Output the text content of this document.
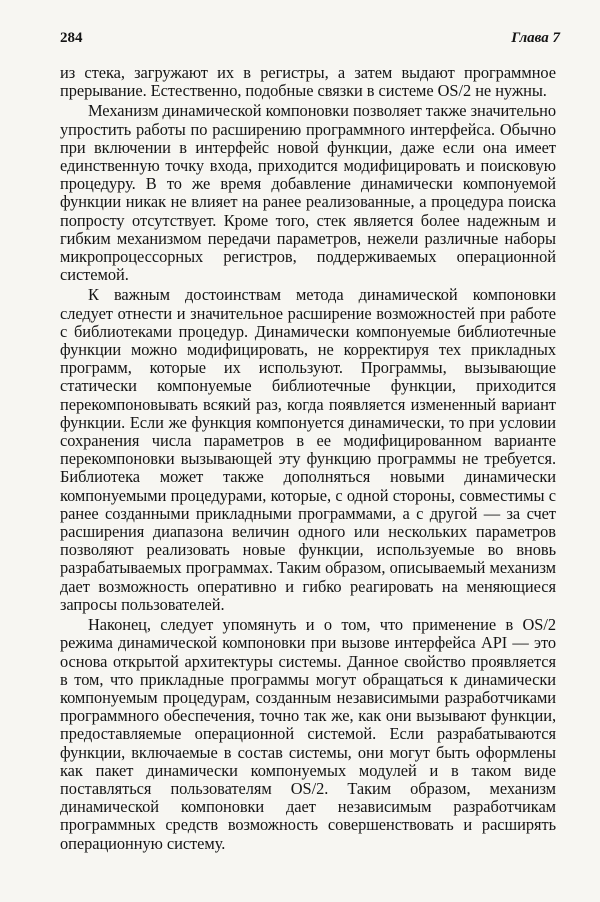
284	Глава 7

из стека, загружают их в регистры, а затем выдают программное прерывание. Естественно, подобные связки в системе OS/2 не нужны.

Механизм динамической компоновки позволяет также значительно упростить работы по расширению программного интерфейса. Обычно при включении в интерфейс новой функции, даже если она имеет единственную точку входа, приходится модифицировать и поисковую процедуру. В то же время добавление динамически компонуемой функции никак не влияет на ранее реализованные, а процедура поиска попросту отсутствует. Кроме того, стек является более надежным и гибким механизмом передачи параметров, нежели различные наборы микропроцессорных регистров, поддерживаемых операционной системой.

К важным достоинствам метода динамической компоновки следует отнести и значительное расширение возможностей при работе с библиотеками процедур. Динамически компонуемые библиотечные функции можно модифицировать, не корректируя тех прикладных программ, которые их используют. Программы, вызывающие статически компонуемые библиотечные функции, приходится перекомпоновывать всякий раз, когда появляется измененный вариант функции. Если же функция компонуется динамически, то при условии сохранения числа параметров в ее модифицированном варианте перекомпоновки вызывающей эту функцию программы не требуется. Библиотека может также дополняться новыми динамически компонуемыми процедурами, которые, с одной стороны, совместимы с ранее созданными прикладными программами, а с другой — за счет расширения диапазона величин одного или нескольких параметров позволяют реализовать новые функции, используемые во вновь разрабатываемых программах. Таким образом, описываемый механизм дает возможность оперативно и гибко реагировать на меняющиеся запросы пользователей.

Наконец, следует упомянуть и о том, что применение в OS/2 режима динамической компоновки при вызове интерфейса API — это основа открытой архитектуры системы. Данное свойство проявляется в том, что прикладные программы могут обращаться к динамически компонуемым процедурам, созданным независимыми разработчиками программного обеспечения, точно так же, как они вызывают функции, предоставляемые операционной системой. Если разрабатываются функции, включаемые в состав системы, они могут быть оформлены как пакет динамически компонуемых модулей и в таком виде поставляться пользователям OS/2. Таким образом, механизм динамической компоновки дает независимым разработчикам программных средств возможность совершенствовать и расширять операционную систему.
